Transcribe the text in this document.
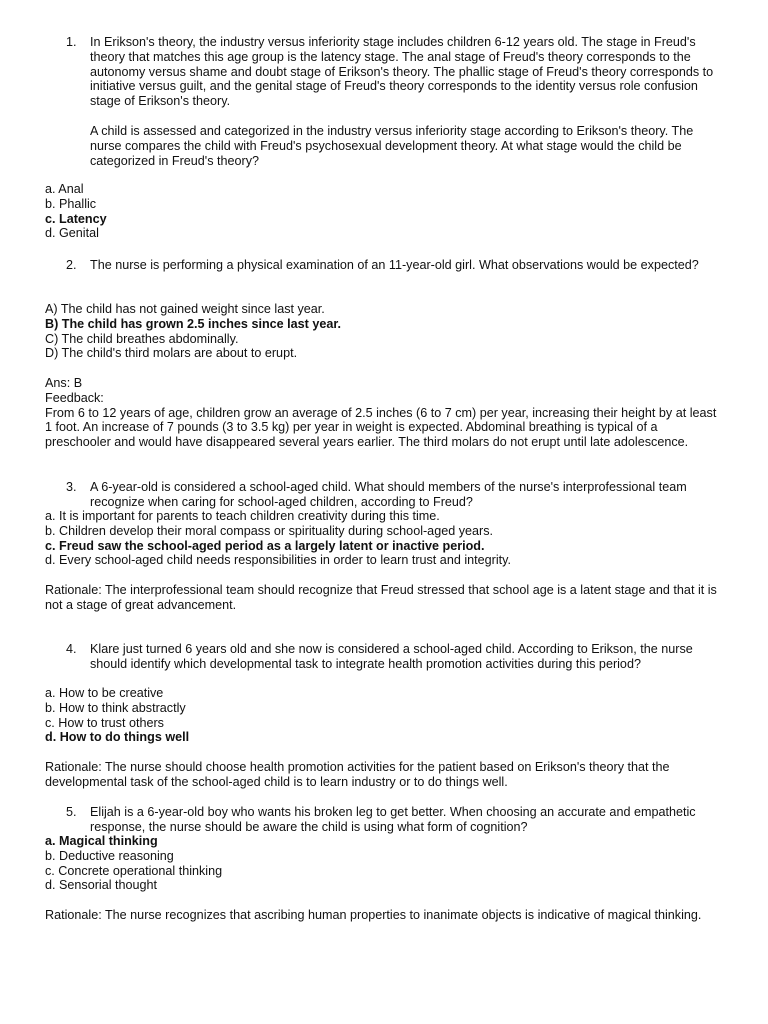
1. In Erikson's theory, the industry versus inferiority stage includes children 6-12 years old. The stage in Freud's theory that matches this age group is the latency stage. The anal stage of Freud's theory corresponds to the autonomy versus shame and doubt stage of Erikson's theory. The phallic stage of Freud's theory corresponds to initiative versus guilt, and the genital stage of Freud's theory corresponds to the identity versus role confusion stage of Erikson's theory.

A child is assessed and categorized in the industry versus inferiority stage according to Erikson's theory. The nurse compares the child with Freud's psychosexual development theory. At what stage would the child be categorized in Freud's theory?

a. Anal
b. Phallic
c. Latency
d. Genital
2. The nurse is performing a physical examination of an 11-year-old girl. What observations would be expected?

A) The child has not gained weight since last year.
B) The child has grown 2.5 inches since last year.
C) The child breathes abdominally.
D) The child's third molars are about to erupt.
Ans: B
Feedback:
From 6 to 12 years of age, children grow an average of 2.5 inches (6 to 7 cm) per year, increasing their height by at least 1 foot. An increase of 7 pounds (3 to 3.5 kg) per year in weight is expected. Abdominal breathing is typical of a preschooler and would have disappeared several years earlier. The third molars do not erupt until late adolescence.
3. A 6-year-old is considered a school-aged child. What should members of the nurse's interprofessional team recognize when caring for school-aged children, according to Freud?

a. It is important for parents to teach children creativity during this time.
b. Children develop their moral compass or spirituality during school-aged years.
c. Freud saw the school-aged period as a largely latent or inactive period.
d. Every school-aged child needs responsibilities in order to learn trust and integrity.
Rationale: The interprofessional team should recognize that Freud stressed that school age is a latent stage and that it is not a stage of great advancement.
4. Klare just turned 6 years old and she now is considered a school-aged child. According to Erikson, the nurse should identify which developmental task to integrate health promotion activities during this period?

a. How to be creative
b. How to think abstractly
c. How to trust others
d. How to do things well
Rationale: The nurse should choose health promotion activities for the patient based on Erikson's theory that the developmental task of the school-aged child is to learn industry or to do things well.
5. Elijah is a 6-year-old boy who wants his broken leg to get better. When choosing an accurate and empathetic response, the nurse should be aware the child is using what form of cognition?

a. Magical thinking
b. Deductive reasoning
c. Concrete operational thinking
d. Sensorial thought
Rationale: The nurse recognizes that ascribing human properties to inanimate objects is indicative of magical thinking.
